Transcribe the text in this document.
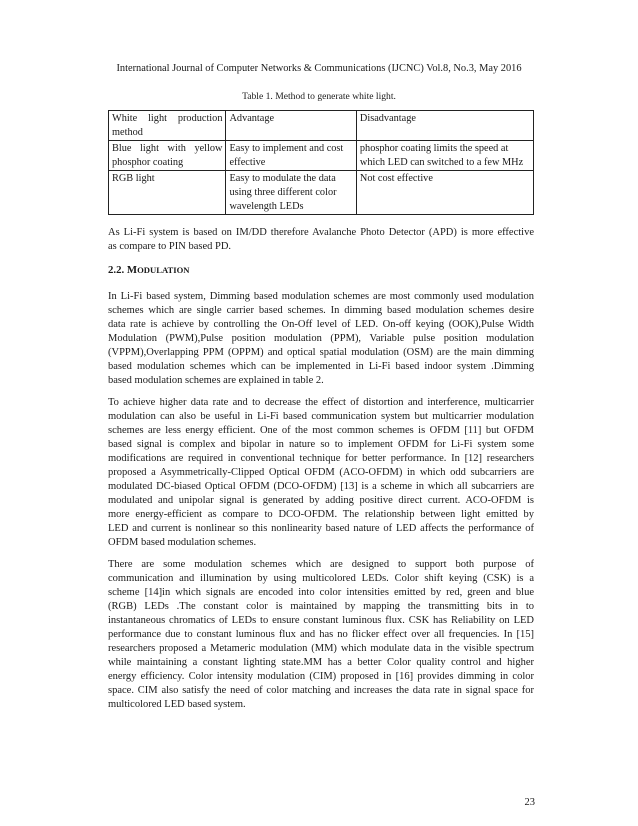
International Journal of Computer Networks & Communications (IJCNC) Vol.8, No.3, May 2016
Table 1. Method to generate white light.
White light production method	Advantage	Disadvantage
Blue light with yellow phosphor coating	Easy to implement and cost effective	phosphor coating limits the speed at which LED can switched to a few MHz
RGB light	Easy to modulate the data using three different color wavelength LEDs	Not cost effective
As Li-Fi system is based on IM/DD therefore Avalanche Photo Detector (APD) is more effective
as compare to PIN based PD.
2.2. MODULATION
In Li-Fi based system, Dimming based modulation schemes are most commonly used modulation
schemes which are single carrier based schemes. In dimming based modulation schemes desire
data rate is achieve by controlling the On-Off level of LED. On-off keying (OOK),Pulse Width
Modulation (PWM),Pulse position modulation (PPM), Variable pulse position modulation
(VPPM),Overlapping PPM (OPPM) and optical spatial modulation (OSM) are the main dimming
based modulation schemes which can be implemented in Li-Fi based indoor system .Dimming
based modulation schemes are explained in table 2.
To achieve higher data rate and to decrease the effect of distortion and interference, multicarrier
modulation can also be useful in Li-Fi based communication system but multicarrier modulation
schemes are less energy efficient. One of the most common schemes is OFDM [11] but OFDM
based signal is complex and bipolar in nature so to implement OFDM for Li-Fi system some
modifications are required in conventional technique for better performance. In [12] researchers
proposed a Asymmetrically-Clipped Optical OFDM (ACO-OFDM) in which odd subcarriers are
modulated DC-biased Optical OFDM (DCO-OFDM) [13] is a scheme in which all subcarriers are
modulated and unipolar signal is generated by adding positive direct current. ACO-OFDM is
more energy-efficient as compare to DCO-OFDM. The relationship between light emitted by
LED and current is nonlinear so this nonlinearity based nature of LED affects the performance of
OFDM based modulation schemes.
There are some modulation schemes which are designed to support both purpose of
communication and illumination by using multicolored LEDs. Color shift keying (CSK) is a
scheme [14]in which signals are encoded into color intensities emitted by red, green and blue
(RGB) LEDs .The constant color is maintained by mapping the transmitting bits in to
instantaneous chromatics of LEDs to ensure constant luminous flux. CSK has Reliability on LED
performance due to constant luminous flux and has no flicker effect over all frequencies. In [15]
researchers proposed a Metameric modulation (MM) which modulate data in the visible spectrum
while maintaining a constant lighting state.MM has a better Color quality control and higher
energy efficiency. Color intensity modulation (CIM) proposed in [16] provides dimming in color
space. CIM also satisfy the need of color matching and increases the data rate in signal space for
multicolored LED based system.
23
